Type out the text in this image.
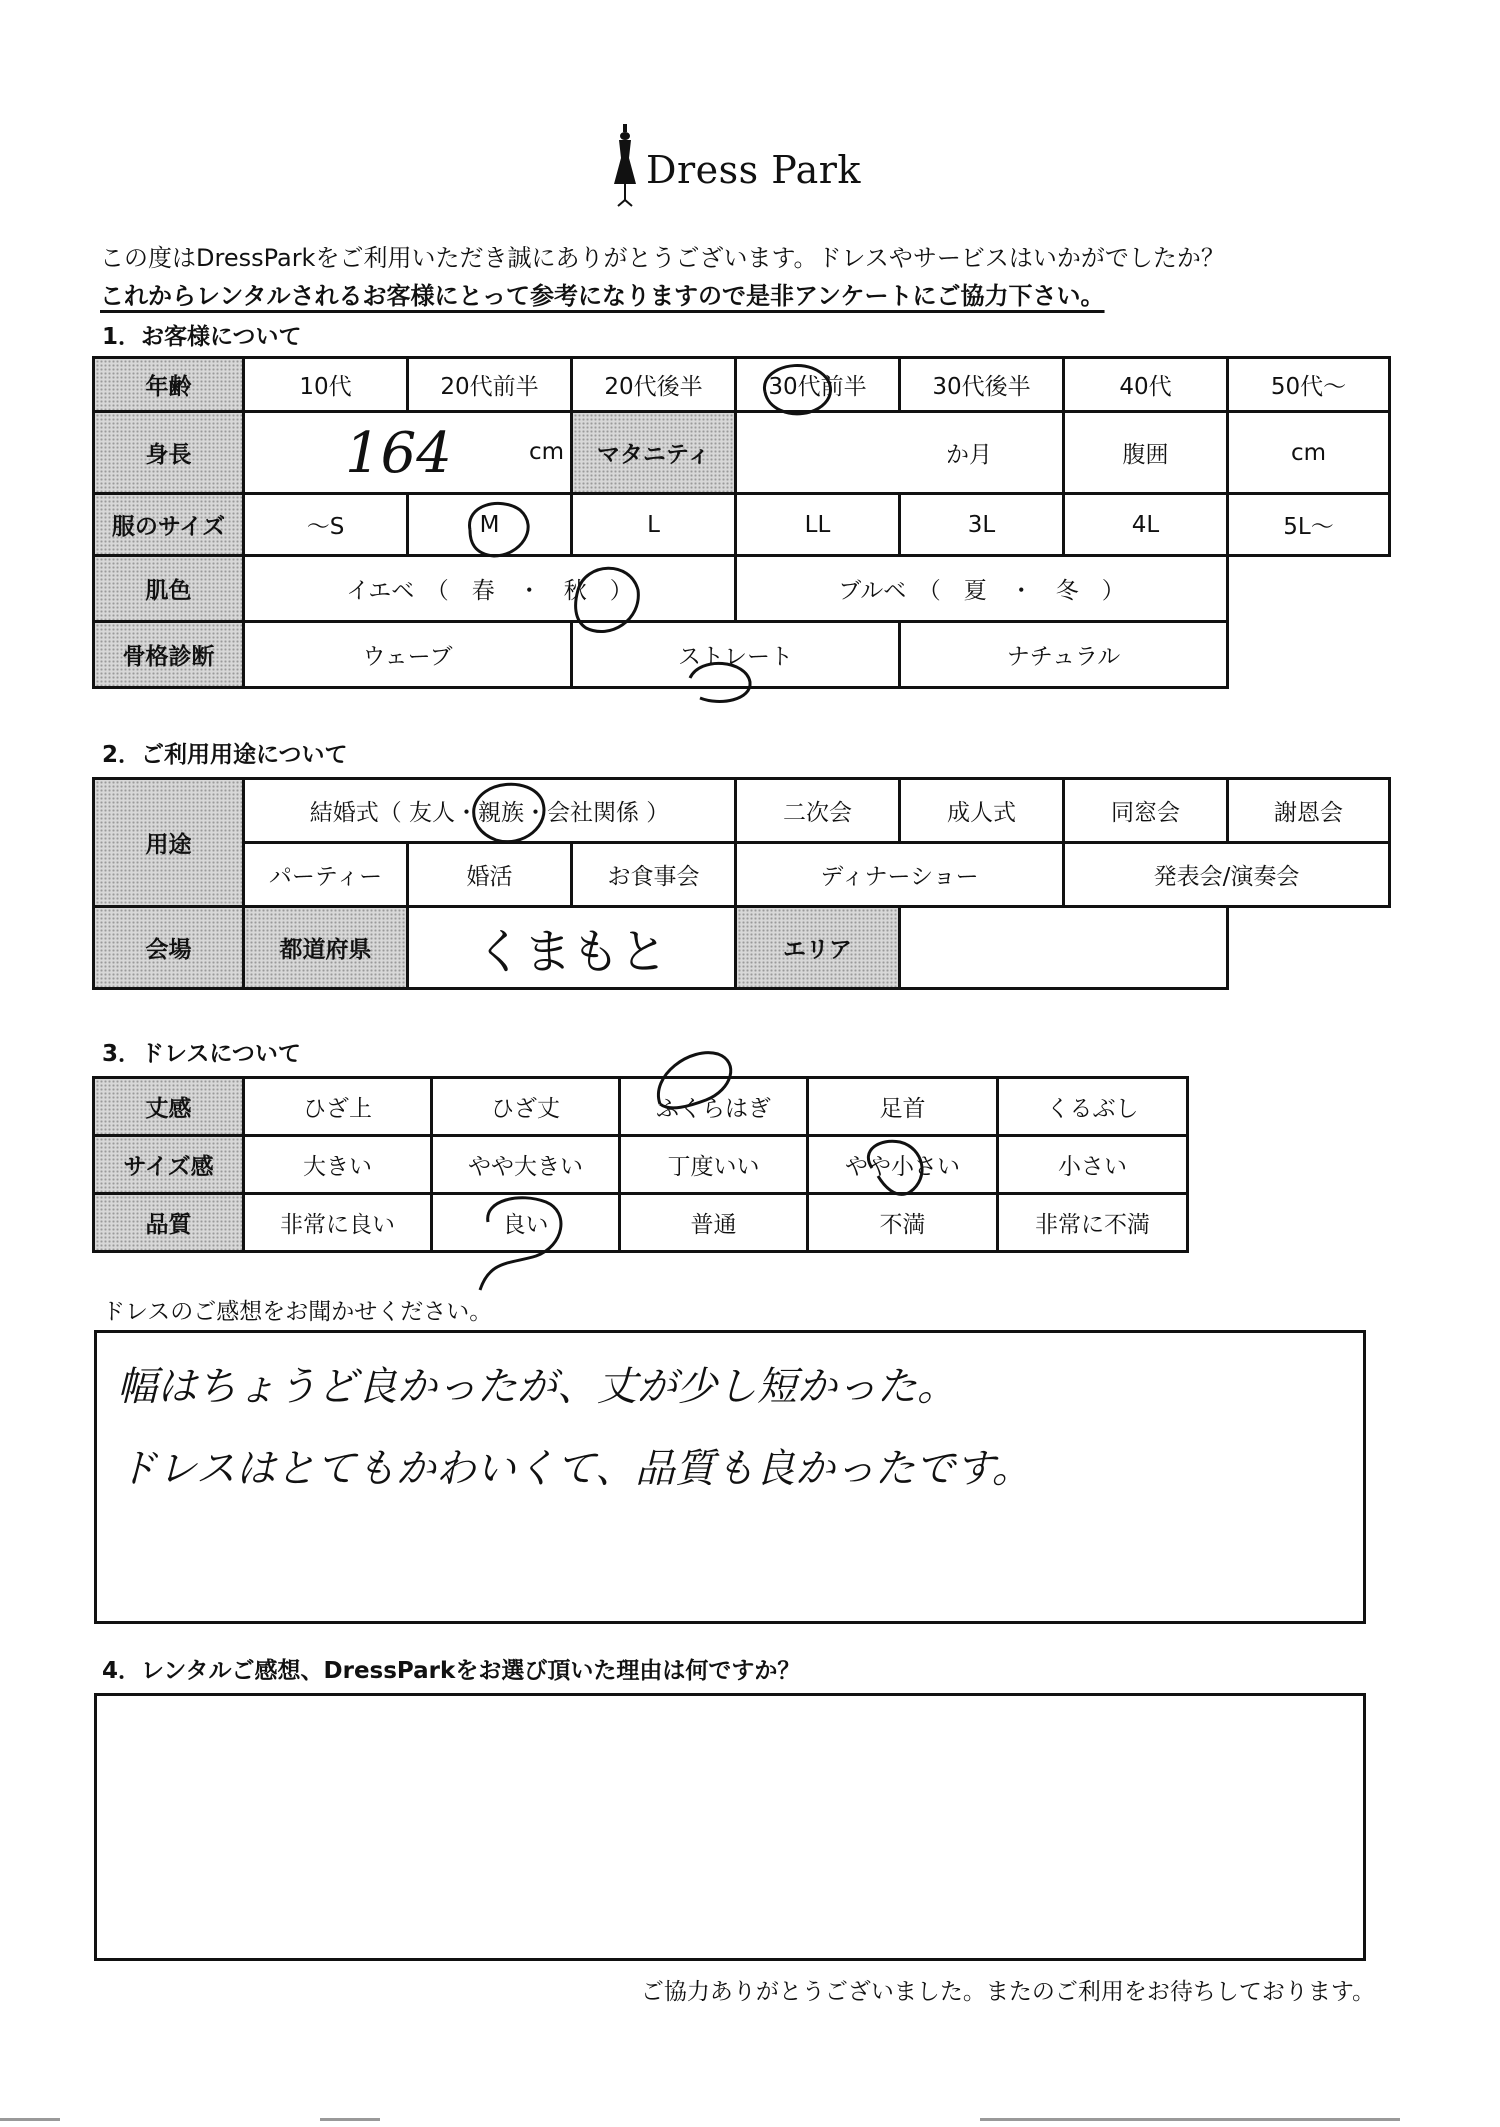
Dress Park
この度はDressParkをご利用いただき誠にありがとうございます。ドレスやサービスはいかがでしたか？
これからレンタルされるお客様にとって参考になりますので是非アンケートにご協力下さい。
1．お客様について
年齢	10代	20代前半	20代後半	30代前半	30代後半	40代	50代～
身長	164 cm		マタニティ	か月		腹囲	cm
服のサイズ	～S	M	L	LL	3L	4L	5L～
肌色	イエベ　（　春　・　秋　）			ブルベ　（　夏　・　冬　）			
骨格診断	ウェーブ		ストレート		ナチュラル		
2．ご利用用途について
用途	結婚式（ 友人・親族・会社関係 ）			二次会	成人式	同窓会	謝恩会
	パーティー	婚活	お食事会	ディナーショー		発表会/演奏会	
会場	都道府県	くまもと		エリア			
3．ドレスについて
丈感	ひざ上	ひざ丈	ふくらはぎ	足首	くるぶし
サイズ感	大きい	やや大きい	丁度いい	やや小さい	小さい
品質	非常に良い	良い	普通	不満	非常に不満
ドレスのご感想をお聞かせください。
幅はちょうど良かったが、丈が少し短かった。
ドレスはとてもかわいくて、品質も良かったです。
4．レンタルご感想、DressParkをお選び頂いた理由は何ですか？
ご協力ありがとうございました。またのご利用をお待ちしております。
